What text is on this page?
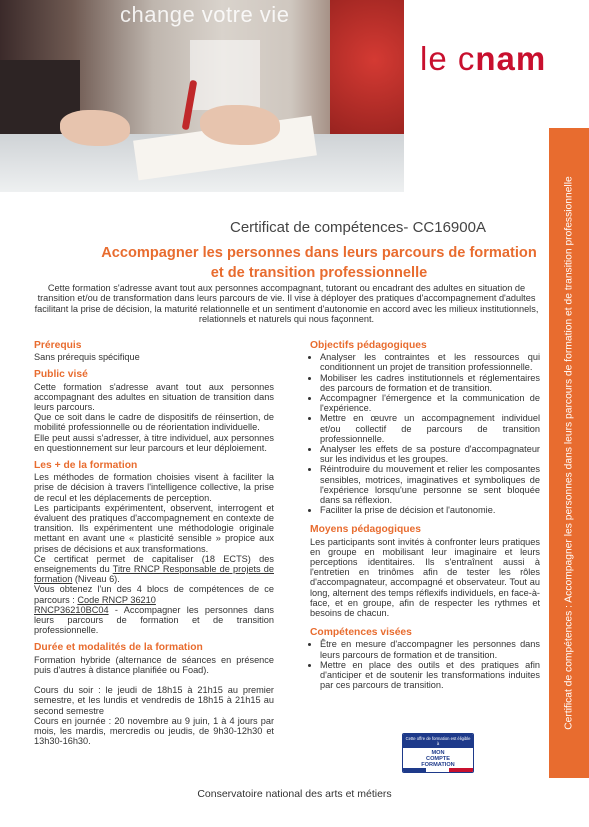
change votre vie
le cnam
Certificat de compétences : Accompagner les personnes dans leurs parcours de formation et de transition professionnelle
Certificat de compétences- CC16900A
Accompagner les personnes dans leurs parcours de formation et de transition professionnelle
Cette formation s'adresse avant tout aux personnes accompagnant, tutorant ou encadrant des adultes en situation de transition et/ou de transformation dans leurs parcours de vie. Il vise à déployer des pratiques d'accompagnement d'adultes facilitant la prise de décision, la maturité relationnelle et un sentiment d'autonomie en accord avec les milieux institutionnels, relationnels et naturels qui nous façonnent.
Prérequis

Sans prérequis spécifique

Public visé

Cette formation s'adresse avant tout aux personnes accompagnant des adultes en situation de transition dans leurs parcours.

Que ce soit dans le cadre de dispositifs de réinsertion, de mobilité professionnelle ou de réorientation individuelle.

Elle peut aussi s'adresser, à titre individuel, aux personnes en questionnement sur leur parcours et leur déploiement.

Les + de la formation

Les méthodes de formation choisies visent à faciliter la prise de décision à travers l'intelligence collective, la prise de recul et les déplacements de perception.

Les participants expérimentent, observent, interrogent et évaluent des pratiques d'accompagnement en contexte de transition. Ils expérimentent une méthodologie originale mettant en avant une « plasticité sensible » propice aux prises de décisions et aux transformations.

Ce certificat permet de capitaliser (18 ECTS) des enseignements du Titre RNCP Responsable de projets de formation (Niveau 6).

Vous obtenez l'un des 4 blocs de compétences de ce parcours : Code RNCP 36210
RNCP36210BC04 - Accompagner les personnes dans leurs parcours de formation et de transition professionnelle.

Durée et modalités de la formation

Formation hybride (alternance de séances en présence puis d'autres à distance planifiée ou Foad).

Cours du soir : le jeudi de 18h15 à 21h15 au premier semestre, et les lundis et vendredis de 18h15 à 21h15 au second semestre

Cours en journée : 20 novembre au 9 juin, 1 à 4 jours par mois, les mardis, mercredis ou jeudis, de 9h30-12h30 et 13h30-16h30.

Objectifs pédagogiques
• Analyser les contraintes et les ressources qui conditionnent un projet de transition professionnelle.
• Mobiliser les cadres institutionnels et réglementaires des parcours de formation et de transition.
• Accompagner l'émergence et la communication de l'expérience.
• Mettre en œuvre un accompagnement individuel et/ou collectif de parcours de transition professionnelle.
• Analyser les effets de sa posture d'accompagnateur sur les individus et les groupes.
• Réintroduire du mouvement et relier les composantes sensibles, motrices, imaginatives et symboliques de l'expérience lorsqu'une personne se sent bloquée dans sa réflexion.
• Faciliter la prise de décision et l'autonomie.
Moyens pédagogiques

Les participants sont invités à confronter leurs pratiques en groupe en mobilisant leur imaginaire et leurs perceptions identitaires. Ils s'entraînent aussi à l'entretien en trinômes afin de tester les rôles d'accompagnateur, accompagné et observateur. Tout au long, alternent des temps réflexifs individuels, en face-à-face, et en groupe, afin de respecter les rythmes et besoins de chacun.

Compétences visées
• Être en mesure d'accompagner les personnes dans leurs parcours de formation et de transition.
• Mettre en place des outils et des pratiques afin d'anticiper et de soutenir les transformations induites par ces parcours de transition.
Cette offre de formation est éligible à
MON
COMPTE
FORMATION
Conservatoire national des arts et métiers
